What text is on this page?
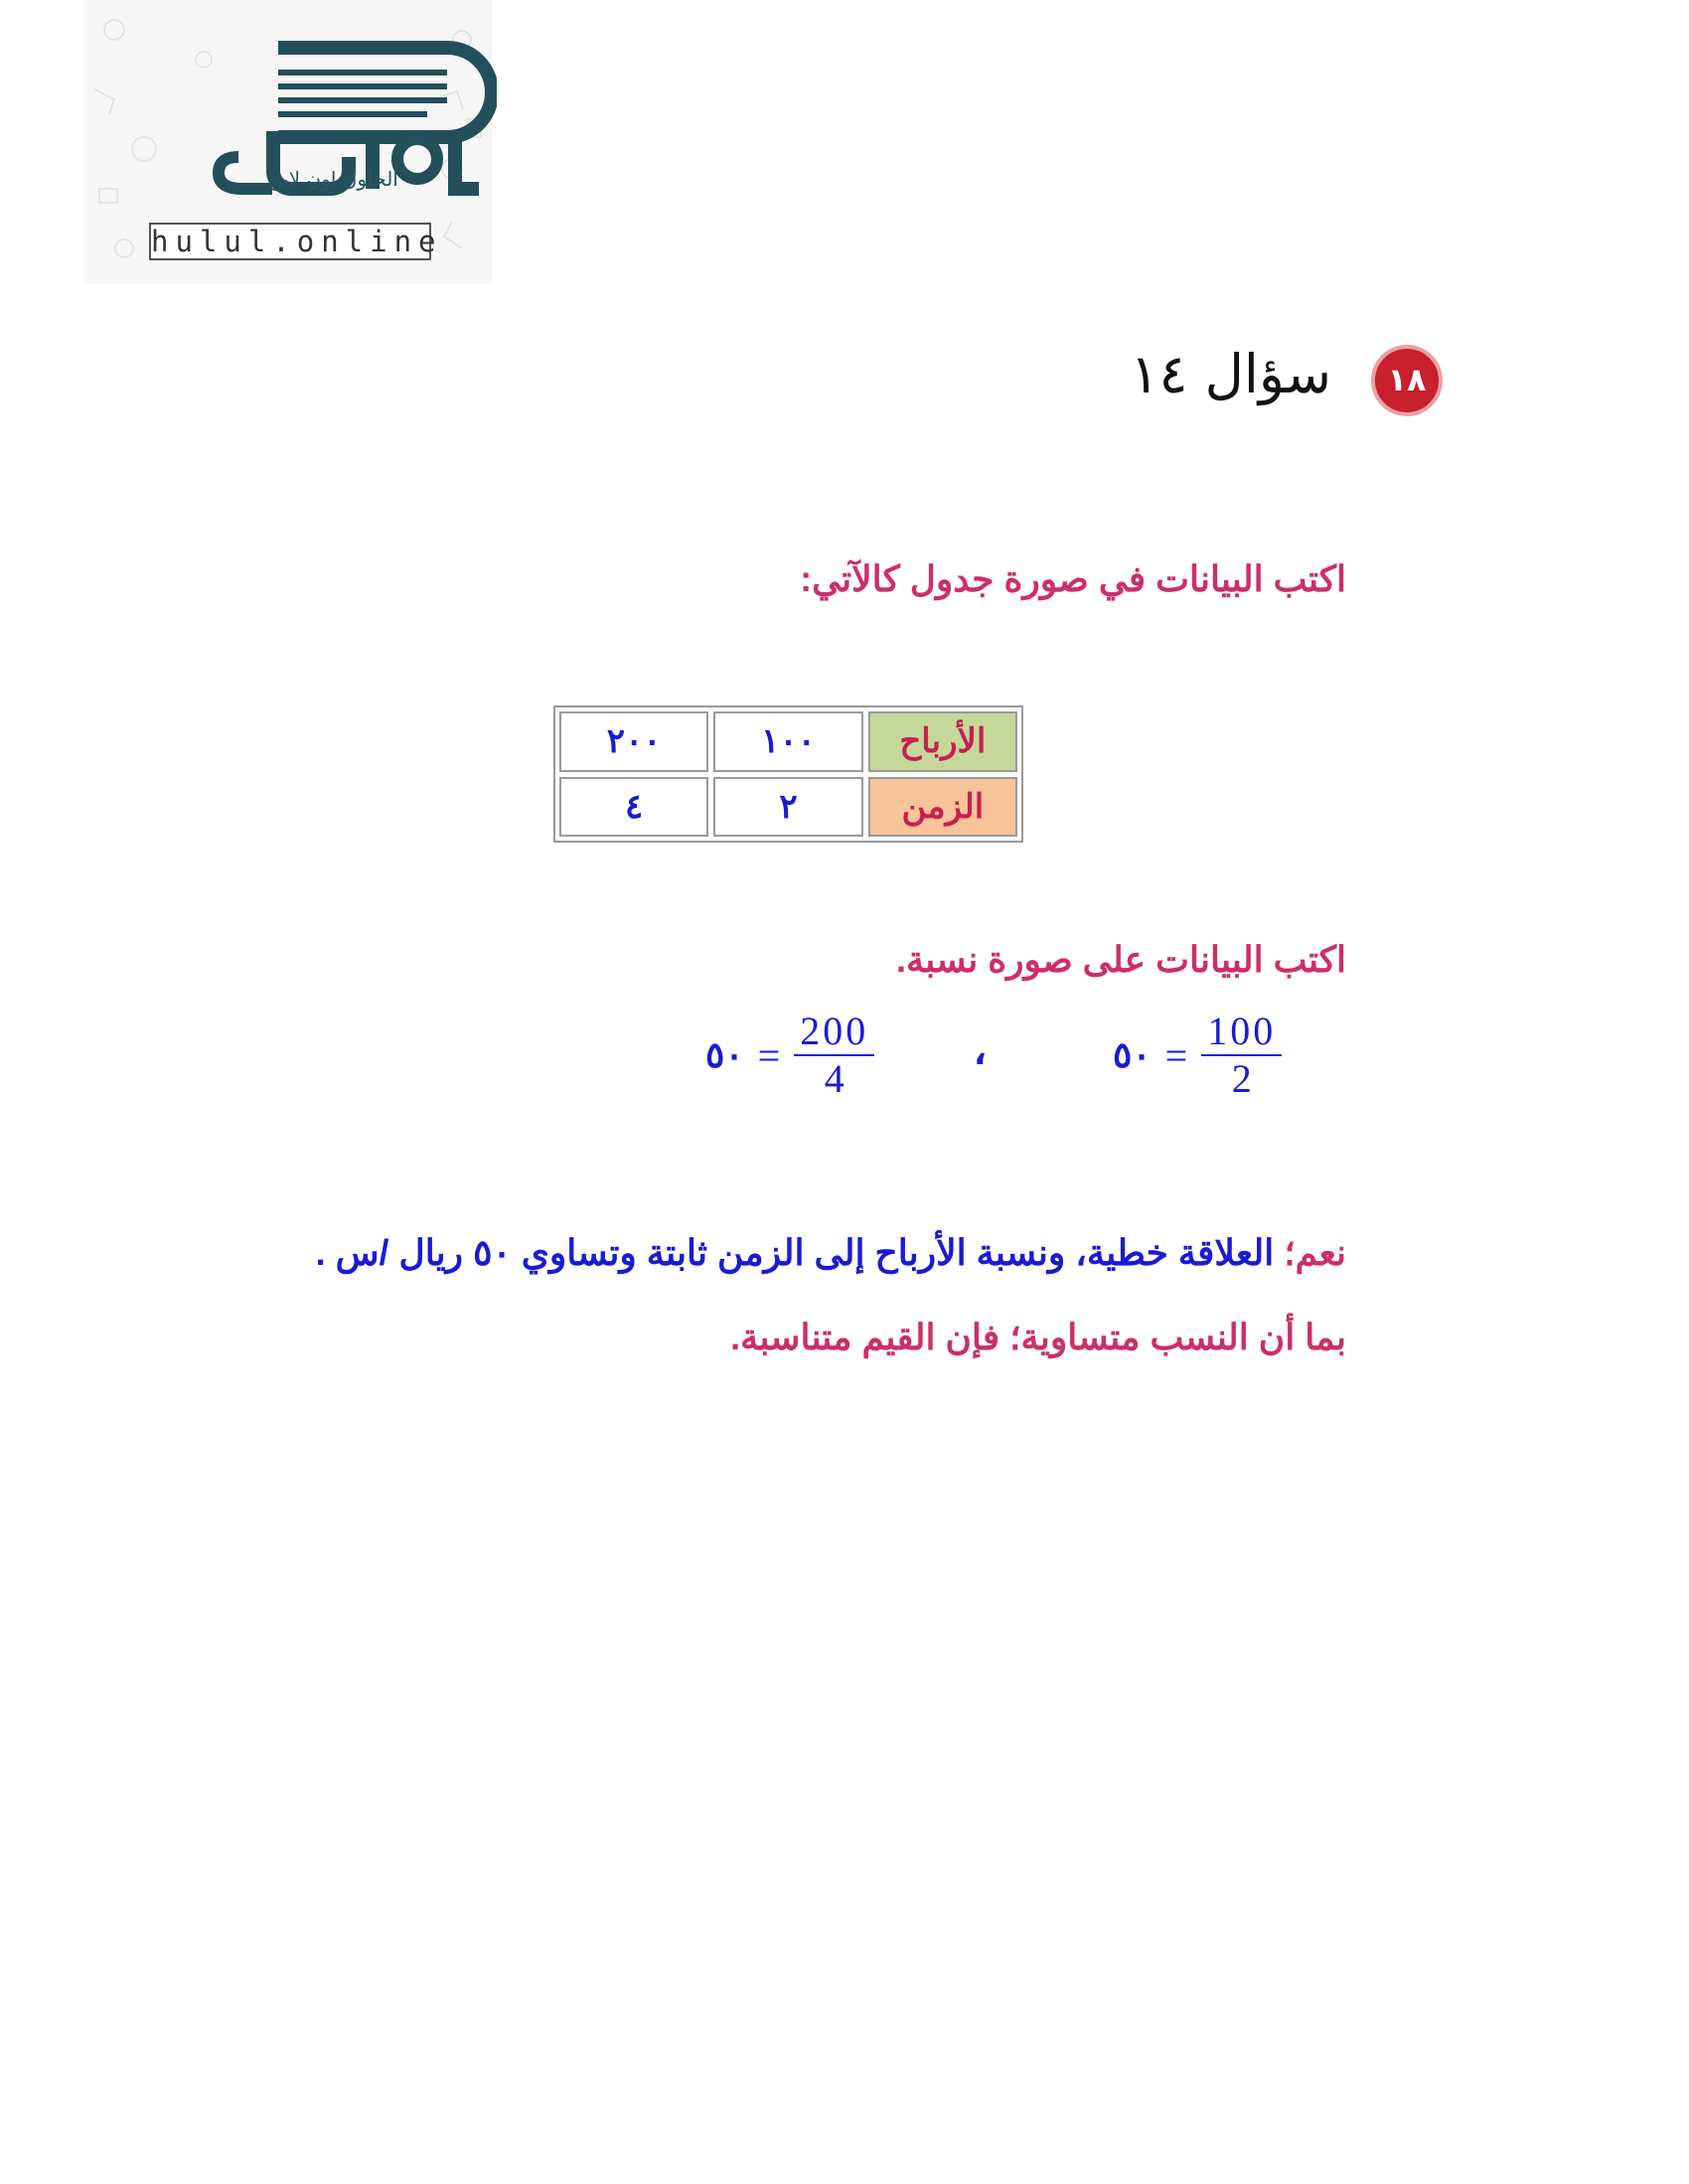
الحلول اون لاين
hulul.online
١٨
سؤال ١٤
اكتب البيانات في صورة جدول كالآتي:
الأرباح
١٠٠
٢٠٠
الزمن
٢
٤
اكتب البيانات على صورة نسبة.
٥٠ = $\frac{100}{2}$
،
٥٠ = $\frac{200}{4}$
نعم؛ العلاقة خطية، ونسبة الأرباح إلى الزمن ثابتة وتساوي ٥٠ ريال /س .
بما أن النسب متساوية؛ فإن القيم متناسبة.
